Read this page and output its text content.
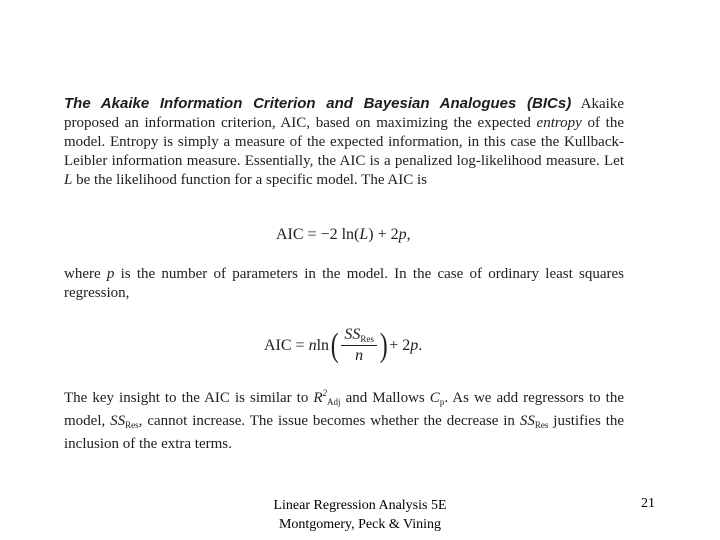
The Akaike Information Criterion and Bayesian Analogues (BICs) Akaike proposed an information criterion, AIC, based on maximizing the expected entropy of the model. Entropy is simply a measure of the expected information, in this case the Kullback-Leibler information measure. Essentially, the AIC is a penalized log-likelihood measure. Let L be the likelihood function for a specific model. The AIC is
AIC = −2 ln(L) + 2p,
where p is the number of parameters in the model. In the case of ordinary least squares regression,
AIC =
n ln ( $\frac{SS_{Res}}{n}$ ) + 2 p .
The key insight to the AIC is similar to $R^2_{Adj}$ and Mallows $C_p$. As we add regressors to the model, $SS_{Res}$, cannot increase. The issue becomes whether the decrease in $SS_{Res}$ justifies the inclusion of the extra terms.
Linear Regression Analysis 5E
Montgomery, Peck & Vining
21
